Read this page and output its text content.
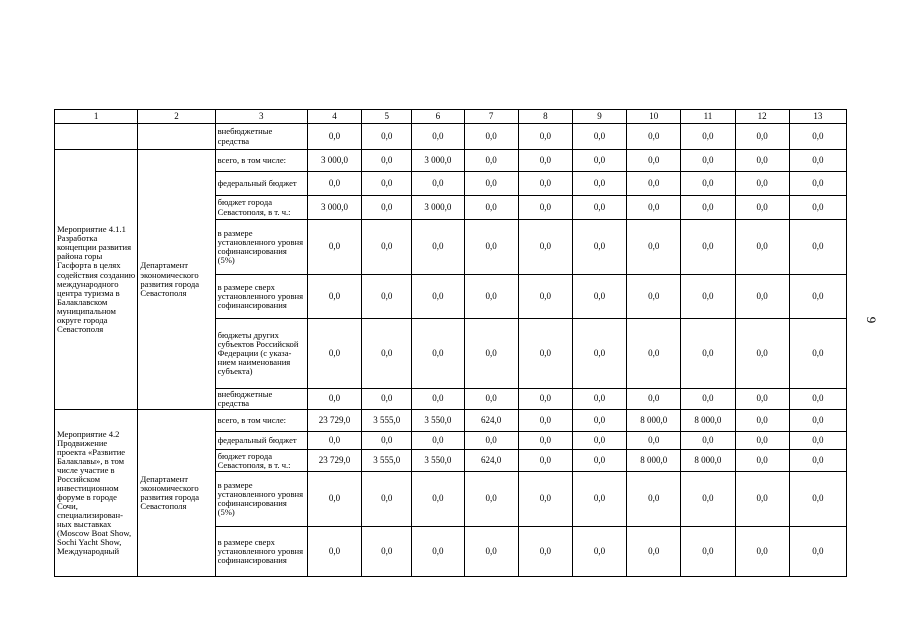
1	2	3	4	5	6	7	8	9	10	11	12	13
		внебюджетные средства	0,0	0,0	0,0	0,0	0,0	0,0	0,0	0,0	0,0	0,0
Мероприятие 4.1.1 Разработка концепции развития района горы Гасфорта в целях содействия созданию международного центра туризма в Балаклавском муниципальном округе города Севастополя	Департамент экономического развития города Севастополя	всего, в том числе:	3 000,0	0,0	3 000,0	0,0	0,0	0,0	0,0	0,0	0,0	0,0
		федеральный бюджет	0,0	0,0	0,0	0,0	0,0	0,0	0,0	0,0	0,0	0,0
		бюджет города Севастополя, в т. ч.:	3 000,0	0,0	3 000,0	0,0	0,0	0,0	0,0	0,0	0,0	0,0
		в размере установленного уровня софинансирования (5%)	0,0	0,0	0,0	0,0	0,0	0,0	0,0	0,0	0,0	0,0
		в размере сверх установленного уровня софинансирования	0,0	0,0	0,0	0,0	0,0	0,0	0,0	0,0	0,0	0,0
		бюджеты других субъектов Российской Федерации (с указа-нием наименования субъекта)	0,0	0,0	0,0	0,0	0,0	0,0	0,0	0,0	0,0	0,0
		внебюджетные средства	0,0	0,0	0,0	0,0	0,0	0,0	0,0	0,0	0,0	0,0
Мероприятие 4.2 Продвижение проекта «Развитие Балаклавы», в том числе участие в Российском инвестиционном форуме в городе Сочи, специализирован-ных выставках (Moscow Boat Show, Sochi Yacht Show, Международный	Департамент экономического развития города Севастополя	всего, в том числе:	23 729,0	3 555,0	3 550,0	624,0	0,0	0,0	8 000,0	8 000,0	0,0	0,0
		федеральный бюджет	0,0	0,0	0,0	0,0	0,0	0,0	0,0	0,0	0,0	0,0
		бюджет города Севастополя, в т. ч.:	23 729,0	3 555,0	3 550,0	624,0	0,0	0,0	8 000,0	8 000,0	0,0	0,0
		в размере установленного уровня софинансирования (5%)	0,0	0,0	0,0	0,0	0,0	0,0	0,0	0,0	0,0	0,0
		в размере сверх установленного уровня софинансирования	0,0	0,0	0,0	0,0	0,0	0,0	0,0	0,0	0,0	0,0
9
